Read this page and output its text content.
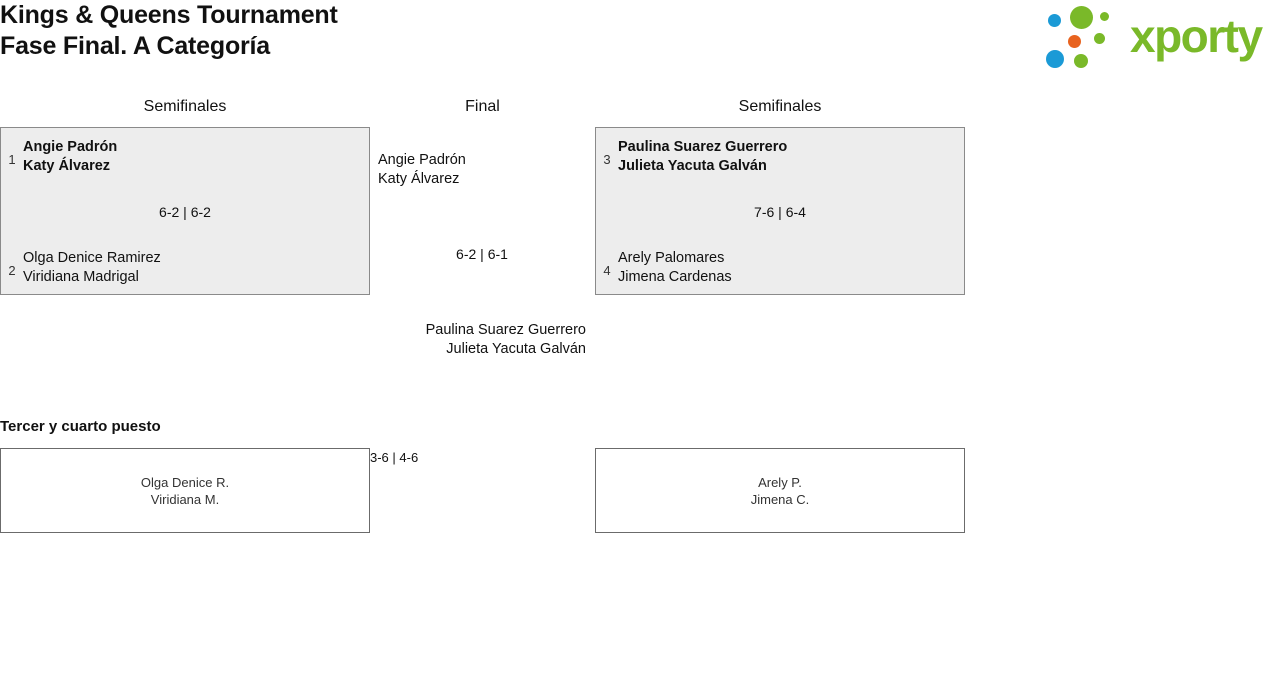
Kings & Queens Tournament
Fase Final. A Categoría	xporty
Semifinales	Final	Semifinales
1
Angie Padrón
Katy Álvarez
6-2 | 6-2
2
Olga Denice Ramirez
Viridiana Madrigal
3
Paulina Suarez Guerrero
Julieta Yacuta Galván
7-6 | 6-4
4
Arely Palomares
Jimena Cardenas
Angie Padrón
Katy Álvarez
6-2 | 6-1
Paulina Suarez Guerrero
Julieta Yacuta Galván
Tercer y cuarto puesto
Olga Denice R.
Viridiana M.
Arely P.
Jimena C.
3-6 | 4-6
